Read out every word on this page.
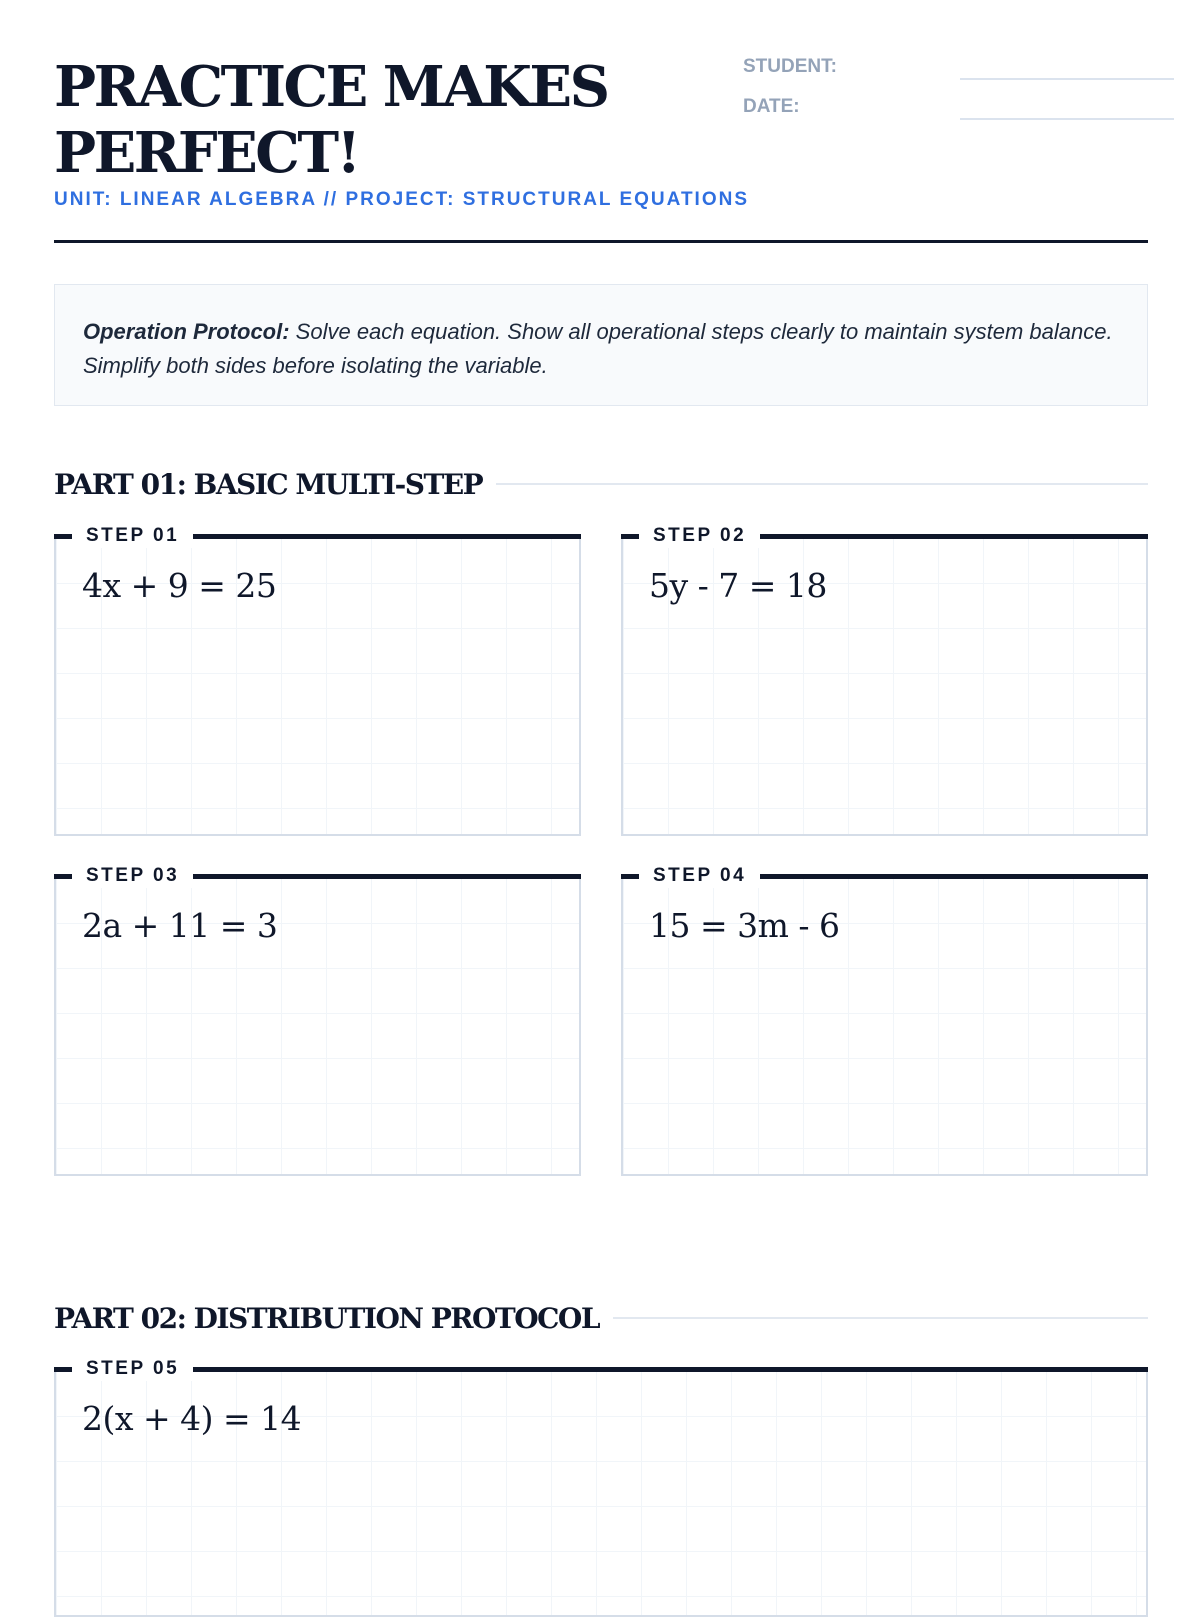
PRACTICE MAKES PERFECT!
UNIT: LINEAR ALGEBRA // PROJECT: STRUCTURAL EQUATIONS
STUDENT:
DATE:
Operation Protocol: Solve each equation. Show all operational steps clearly to maintain system balance. Simplify both sides before isolating the variable.
PART 01: BASIC MULTI-STEP
STEP 01
4x + 9 = 25
STEP 02
5y - 7 = 18
STEP 03
2a + 11 = 3
STEP 04
15 = 3m - 6
PART 02: DISTRIBUTION PROTOCOL
STEP 05
2(x + 4) = 14
